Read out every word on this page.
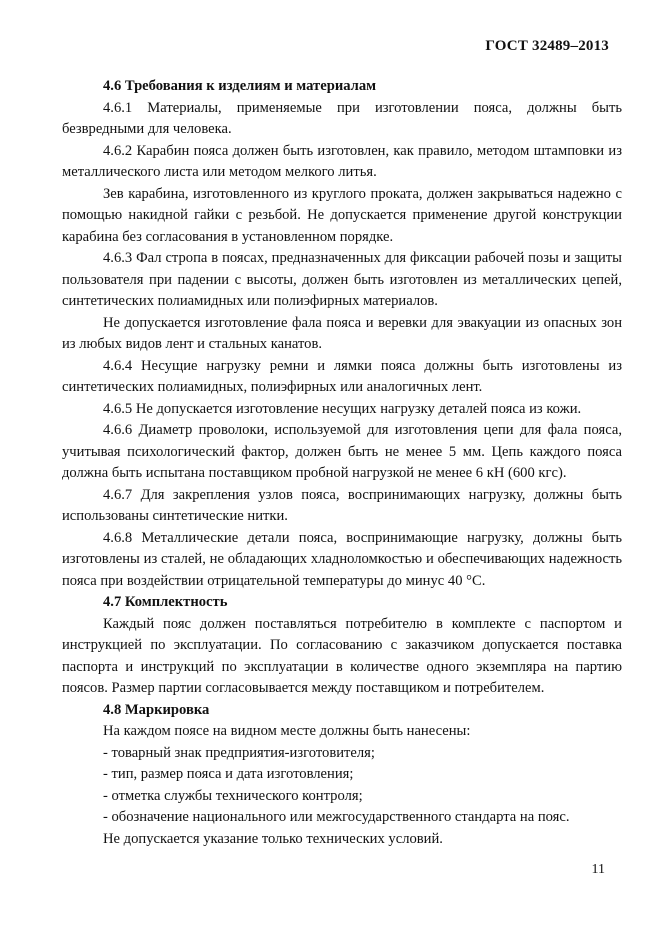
ГОСТ 32489–2013
4.6 Требования к изделиям и материалам
4.6.1 Материалы, применяемые при изготовлении пояса, должны быть безвредными для человека.
4.6.2 Карабин пояса должен быть изготовлен, как правило, методом штамповки из металлического листа или методом мелкого литья.
Зев карабина, изготовленного из круглого проката, должен закрываться надежно с помощью накидной гайки с резьбой. Не допускается применение другой конструкции карабина без согласования в установленном порядке.
4.6.3 Фал стропа в поясах, предназначенных для фиксации рабочей позы и защиты пользователя при падении с высоты, должен быть изготовлен из металлических цепей, синтетических полиамидных или полиэфирных материалов.
Не допускается изготовление фала пояса и веревки для эвакуации из опасных зон из любых видов лент и стальных канатов.
4.6.4 Несущие нагрузку ремни и лямки пояса должны быть изготовлены из синтетических полиамидных, полиэфирных или аналогичных лент.
4.6.5 Не допускается изготовление несущих нагрузку деталей пояса из кожи.
4.6.6 Диаметр проволоки, используемой для изготовления цепи для фала пояса, учитывая психологический фактор, должен быть не менее 5 мм. Цепь каждого пояса должна быть испытана поставщиком пробной нагрузкой не менее 6 кН (600 кгс).
4.6.7 Для закрепления узлов пояса, воспринимающих нагрузку, должны быть использованы синтетические нитки.
4.6.8 Металлические детали пояса, воспринимающие нагрузку, должны быть изготовлены из сталей, не обладающих хладноломкостью и обеспечивающих надежность пояса при воздействии отрицательной температуры до минус 40 °С.
4.7 Комплектность
Каждый пояс должен поставляться потребителю в комплекте с паспортом и инструкцией по эксплуатации. По согласованию с заказчиком допускается поставка паспорта и инструкций по эксплуатации в количестве одного экземпляра на партию поясов. Размер партии согласовывается между поставщиком и потребителем.
4.8 Маркировка
На каждом поясе на видном месте должны быть нанесены:
- товарный знак предприятия-изготовителя;
- тип, размер пояса и дата изготовления;
- отметка службы технического контроля;
- обозначение национального или межгосударственного стандарта на пояс.
Не допускается указание только технических условий.
11
